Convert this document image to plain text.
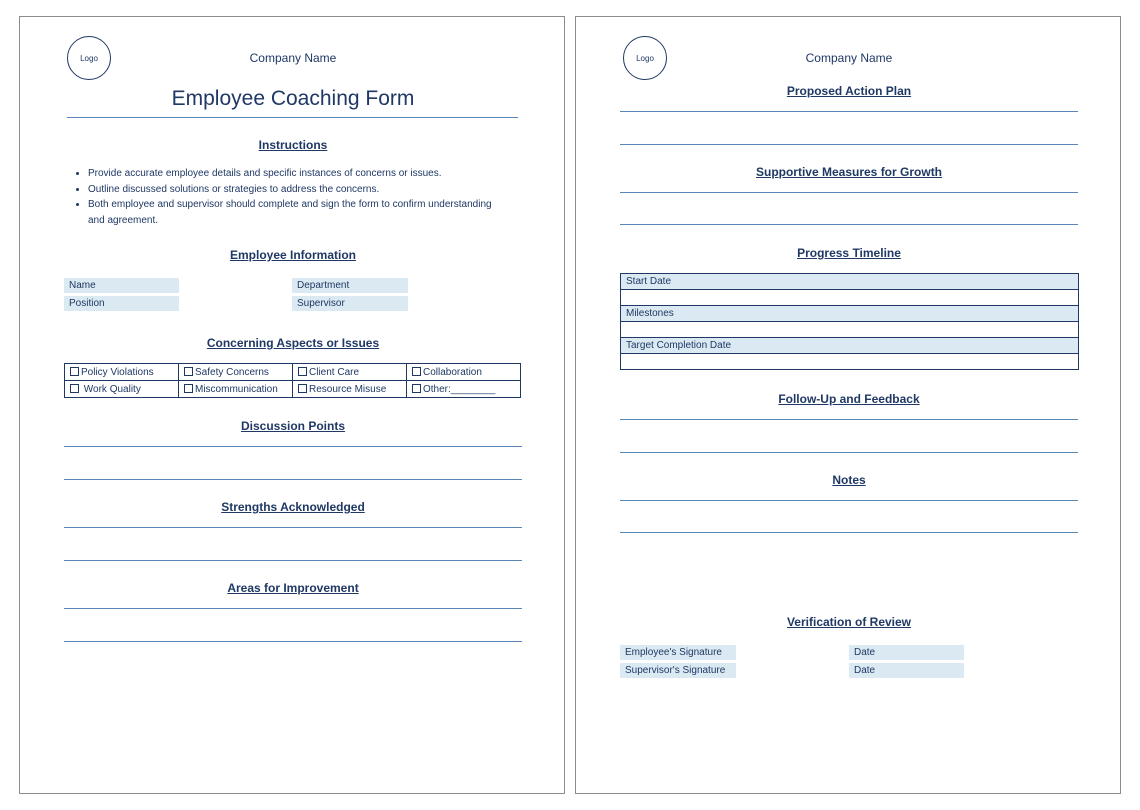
Logo	Company Name
Employee Coaching Form
Instructions
• Provide accurate employee details and specific instances of concerns or issues.
• Outline discussed solutions or strategies to address the concerns.
• Both employee and supervisor should complete and sign the form to confirm understanding and agreement.
Employee Information
Name	Department
Position	Supervisor
Concerning Aspects or Issues
Policy Violations	Safety Concerns	Client Care	Collaboration
Work Quality	Miscommunication	Resource Misuse	Other:________
Discussion Points
Strengths Acknowledged
Areas for Improvement
Logo	Company Name
Proposed Action Plan
Supportive Measures for Growth
Progress Timeline
Start Date

Milestones

Target Completion Date

Follow-Up and Feedback
Notes
Verification of Review
Employee's Signature	Date
Supervisor's Signature	Date
